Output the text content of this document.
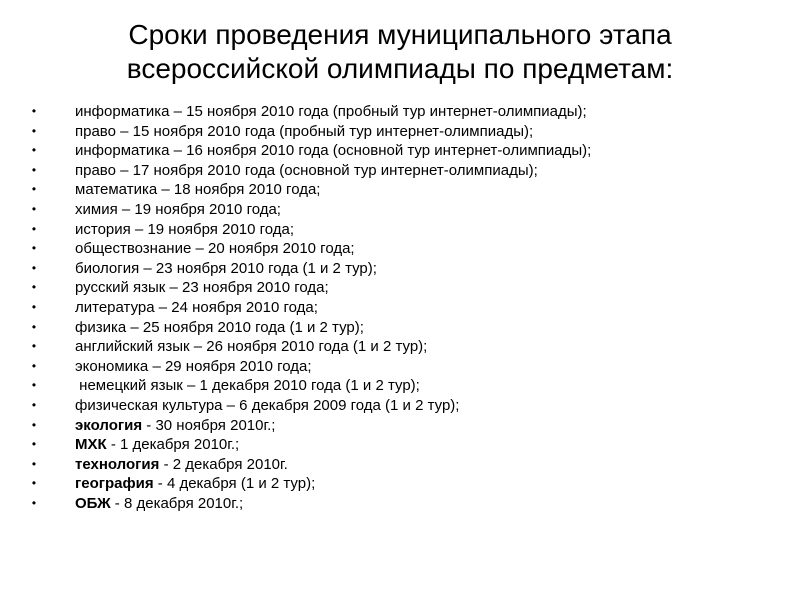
Сроки проведения муниципального этапа
всероссийской олимпиады по предметам:
•	информатика – 15 ноября 2010 года (пробный тур интернет-олимпиады);
•	право – 15 ноября 2010 года (пробный тур интернет-олимпиады);
•	информатика – 16 ноября 2010 года (основной тур интернет-олимпиады);
•	право – 17 ноября 2010 года (основной тур интернет-олимпиады);
•	математика – 18 ноября 2010 года;
•	химия – 19 ноября 2010 года;
•	история – 19 ноября 2010 года;
•	обществознание – 20 ноября 2010 года;
•	биология – 23 ноября 2010 года (1 и 2 тур);
•	русский язык – 23 ноября 2010 года;
•	литература – 24 ноября 2010 года;
•	физика – 25 ноября 2010 года (1 и 2 тур);
•	английский язык – 26 ноября 2010 года (1 и 2 тур);
•	экономика – 29 ноября 2010 года;
•	немецкий язык – 1 декабря 2010 года (1 и 2 тур);
•	физическая культура – 6 декабря 2009 года (1 и 2 тур);
•	экология - 30 ноября 2010г.;
•	МХК - 1 декабря 2010г.;
•	технология - 2 декабря 2010г.
•	география - 4 декабря (1 и 2 тур);
•	ОБЖ - 8 декабря 2010г.;
